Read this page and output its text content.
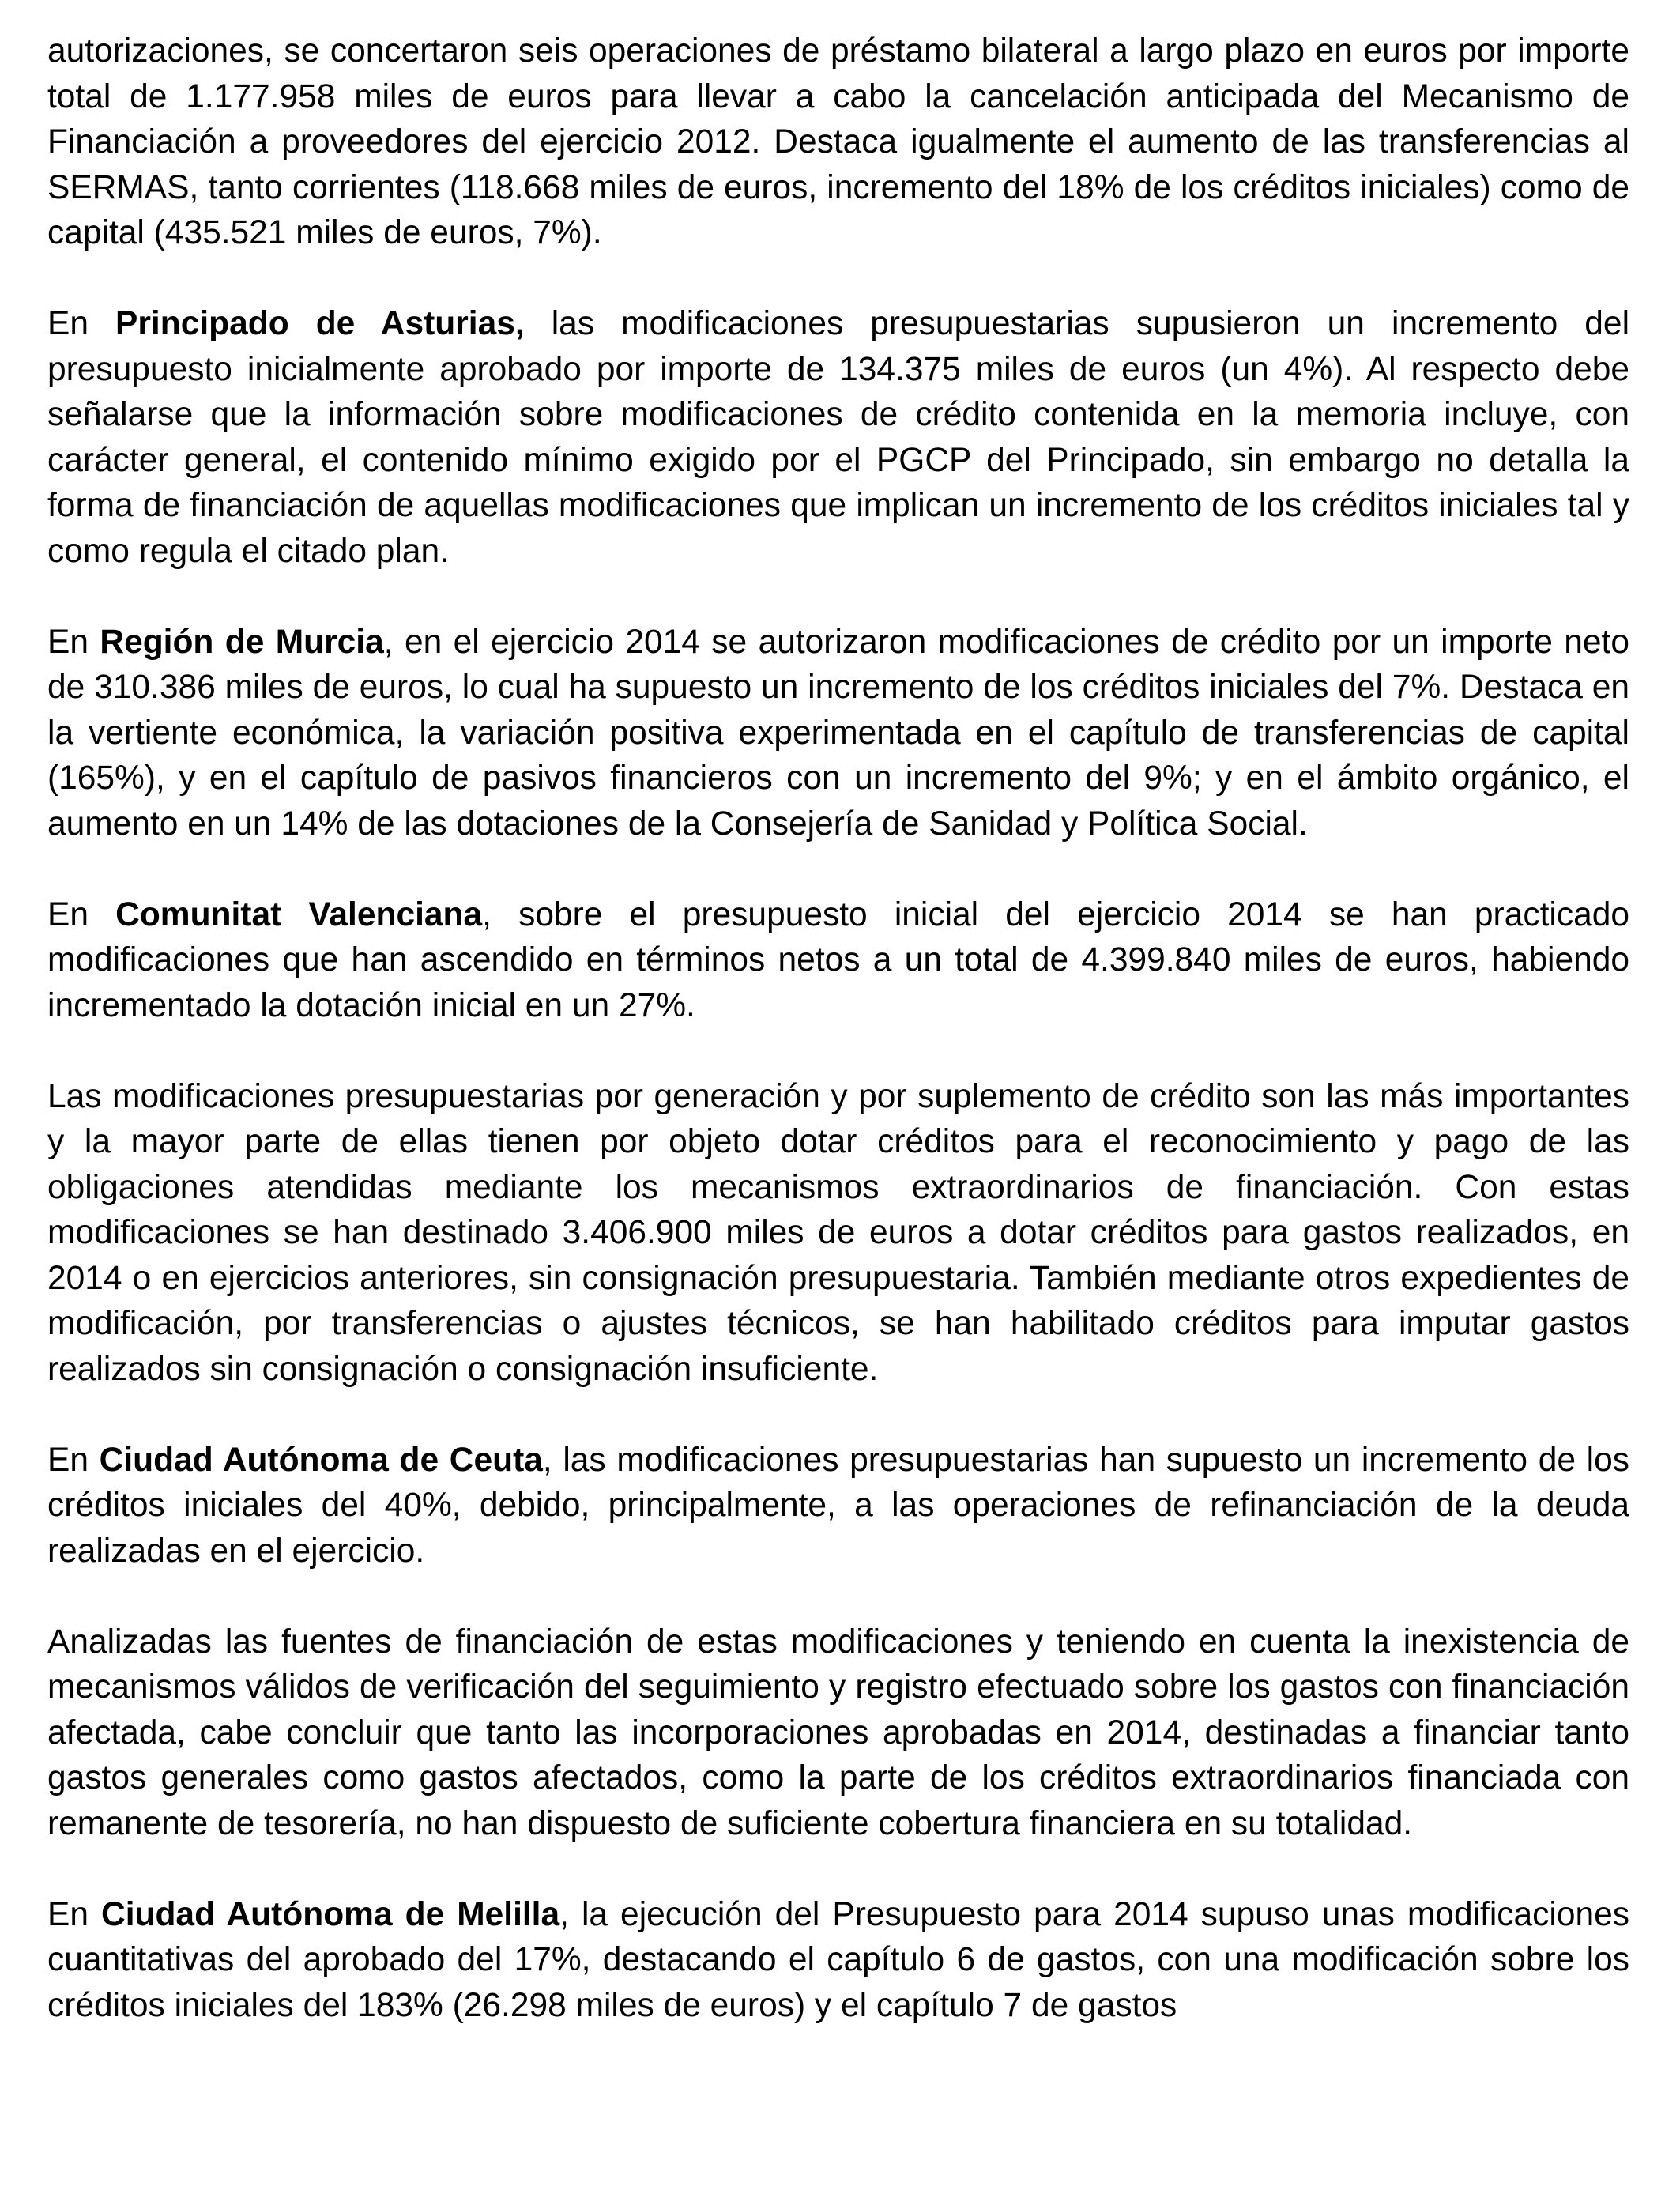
autorizaciones, se concertaron seis operaciones de préstamo bilateral a largo plazo en euros por importe total de 1.177.958 miles de euros para llevar a cabo la cancelación anticipada del Mecanismo de Financiación a proveedores del ejercicio 2012. Destaca igualmente el aumento de las transferencias al SERMAS, tanto corrientes (118.668 miles de euros, incremento del 18% de los créditos iniciales) como de capital (435.521 miles de euros, 7%).

En Principado de Asturias, las modificaciones presupuestarias supusieron un incremento del presupuesto inicialmente aprobado por importe de 134.375 miles de euros (un 4%). Al respecto debe señalarse que la información sobre modificaciones de crédito contenida en la memoria incluye, con carácter general, el contenido mínimo exigido por el PGCP del Principado, sin embargo no detalla la forma de financiación de aquellas modificaciones que implican un incremento de los créditos iniciales tal y como regula el citado plan.

En Región de Murcia, en el ejercicio 2014 se autorizaron modificaciones de crédito por un importe neto de 310.386 miles de euros, lo cual ha supuesto un incremento de los créditos iniciales del 7%. Destaca en la vertiente económica, la variación positiva experimentada en el capítulo de transferencias de capital (165%), y en el capítulo de pasivos financieros con un incremento del 9%; y en el ámbito orgánico, el aumento en un 14% de las dotaciones de la Consejería de Sanidad y Política Social.

En Comunitat Valenciana, sobre el presupuesto inicial del ejercicio 2014 se han practicado modificaciones que han ascendido en términos netos a un total de 4.399.840 miles de euros, habiendo incrementado la dotación inicial en un 27%.

Las modificaciones presupuestarias por generación y por suplemento de crédito son las más importantes y la mayor parte de ellas tienen por objeto dotar créditos para el reconocimiento y pago de las obligaciones atendidas mediante los mecanismos extraordinarios de financiación. Con estas modificaciones se han destinado 3.406.900 miles de euros a dotar créditos para gastos realizados, en 2014 o en ejercicios anteriores, sin consignación presupuestaria. También mediante otros expedientes de modificación, por transferencias o ajustes técnicos, se han habilitado créditos para imputar gastos realizados sin consignación o consignación insuficiente.

En Ciudad Autónoma de Ceuta, las modificaciones presupuestarias han supuesto un incremento de los créditos iniciales del 40%, debido, principalmente, a las operaciones de refinanciación de la deuda realizadas en el ejercicio.

Analizadas las fuentes de financiación de estas modificaciones y teniendo en cuenta la inexistencia de mecanismos válidos de verificación del seguimiento y registro efectuado sobre los gastos con financiación afectada, cabe concluir que tanto las incorporaciones aprobadas en 2014, destinadas a financiar tanto gastos generales como gastos afectados, como la parte de los créditos extraordinarios financiada con remanente de tesorería, no han dispuesto de suficiente cobertura financiera en su totalidad.

En Ciudad Autónoma de Melilla, la ejecución del Presupuesto para 2014 supuso unas modificaciones cuantitativas del aprobado del 17%, destacando el capítulo 6 de gastos, con una modificación sobre los créditos iniciales del 183% (26.298 miles de euros) y el capítulo 7 de gastos
